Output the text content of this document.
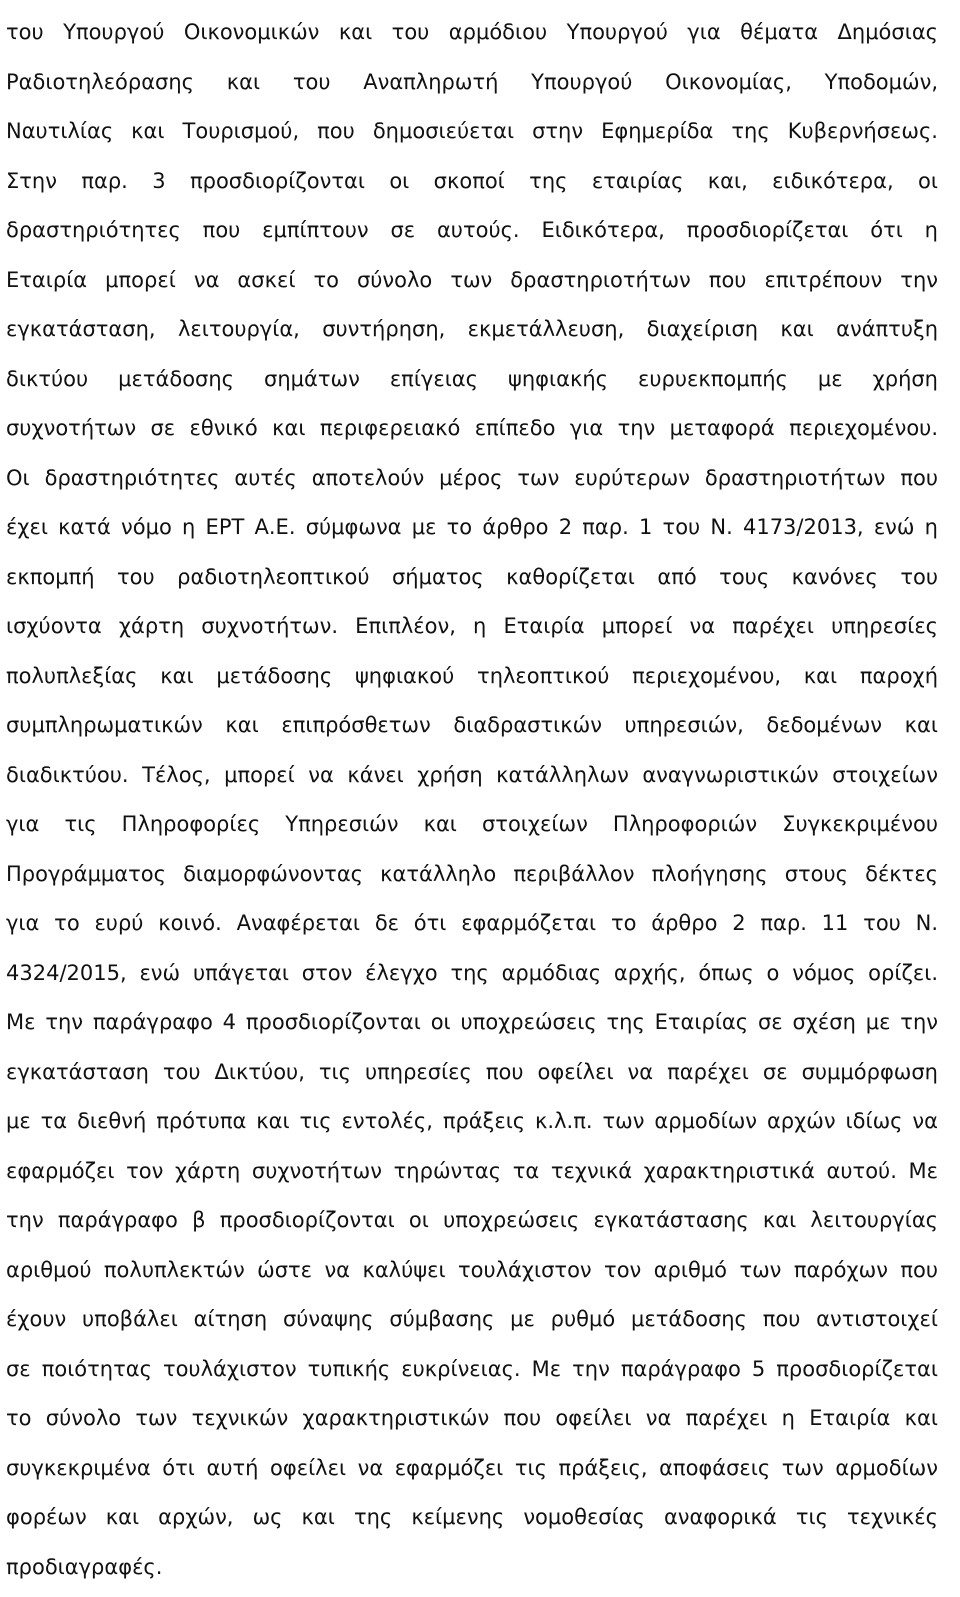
του Υπουργού Οικονομικών και του αρμόδιου Υπουργού για θέματα Δημόσιας
Ραδιοτηλεόρασης και του Αναπληρωτή Υπουργού Οικονομίας, Υποδομών,
Ναυτιλίας και Τουρισμού, που δημοσιεύεται στην Εφημερίδα της Κυβερνήσεως.
Στην παρ. 3 προσδιορίζονται οι σκοποί της εταιρίας και, ειδικότερα, οι
δραστηριότητες που εμπίπτουν σε αυτούς. Ειδικότερα, προσδιορίζεται ότι η
Εταιρία μπορεί να ασκεί το σύνολο των δραστηριοτήτων που επιτρέπουν την
εγκατάσταση, λειτουργία, συντήρηση, εκμετάλλευση, διαχείριση και ανάπτυξη
δικτύου μετάδοσης σημάτων επίγειας ψηφιακής ευρυεκπομπής με χρήση
συχνοτήτων σε εθνικό και περιφερειακό επίπεδο για την μεταφορά περιεχομένου.
Οι δραστηριότητες αυτές αποτελούν μέρος των ευρύτερων δραστηριοτήτων που
έχει κατά νόμο η ΕΡΤ Α.Ε. σύμφωνα με το άρθρο 2 παρ. 1 του Ν. 4173/2013, ενώ η
εκπομπή του ραδιοτηλεοπτικού σήματος καθορίζεται από τους κανόνες του
ισχύοντα χάρτη συχνοτήτων. Επιπλέον, η Εταιρία μπορεί να παρέχει υπηρεσίες
πολυπλεξίας και μετάδοσης ψηφιακού τηλεοπτικού περιεχομένου, και παροχή
συμπληρωματικών και επιπρόσθετων διαδραστικών υπηρεσιών, δεδομένων και
διαδικτύου. Τέλος, μπορεί να κάνει χρήση κατάλληλων αναγνωριστικών στοιχείων
για τις Πληροφορίες Υπηρεσιών και στοιχείων Πληροφοριών Συγκεκριμένου
Προγράμματος διαμορφώνοντας κατάλληλο περιβάλλον πλοήγησης στους δέκτες
για το ευρύ κοινό. Αναφέρεται δε ότι εφαρμόζεται το άρθρο 2 παρ. 11 του Ν.
4324/2015, ενώ υπάγεται στον έλεγχο της αρμόδιας αρχής, όπως ο νόμος ορίζει.
Με την παράγραφο 4 προσδιορίζονται οι υποχρεώσεις της Εταιρίας σε σχέση με την
εγκατάσταση του Δικτύου, τις υπηρεσίες που οφείλει να παρέχει σε συμμόρφωση
με τα διεθνή πρότυπα και τις εντολές, πράξεις κ.λ.π. των αρμοδίων αρχών ιδίως να
εφαρμόζει τον χάρτη συχνοτήτων τηρώντας τα τεχνικά χαρακτηριστικά αυτού. Με
την παράγραφο β προσδιορίζονται οι υποχρεώσεις εγκατάστασης και λειτουργίας
αριθμού πολυπλεκτών ώστε να καλύψει τουλάχιστον τον αριθμό των παρόχων που
έχουν υποβάλει αίτηση σύναψης σύμβασης με ρυθμό μετάδοσης που αντιστοιχεί
σε ποιότητας τουλάχιστον τυπικής ευκρίνειας. Με την παράγραφο 5 προσδιορίζεται
το σύνολο των τεχνικών χαρακτηριστικών που οφείλει να παρέχει η Εταιρία και
συγκεκριμένα ότι αυτή οφείλει να εφαρμόζει τις πράξεις, αποφάσεις των αρμοδίων
φορέων και αρχών, ως και της κείμενης νομοθεσίας αναφορικά τις τεχνικές
προδιαγραφές.
